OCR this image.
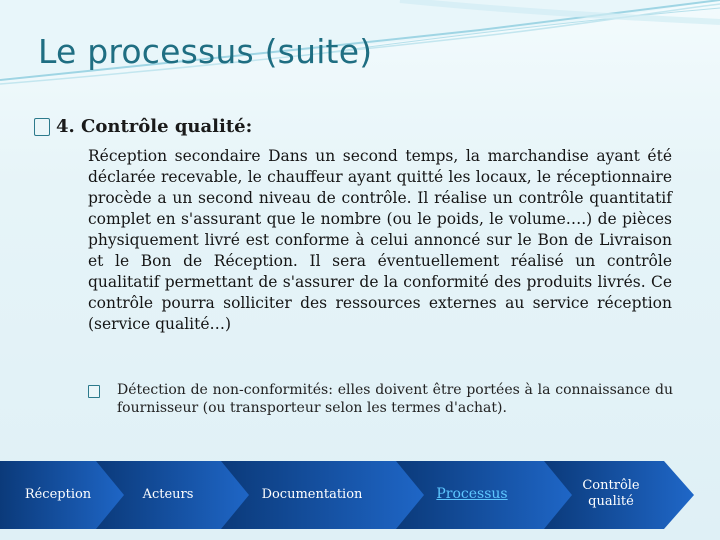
Le processus (suite)
4. Contrôle qualité:

Réception secondaire Dans un second temps, la marchandise ayant été déclarée recevable, le chauffeur ayant quitté les locaux, le réceptionnaire procède a un second niveau de contrôle. Il réalise un contrôle quantitatif complet en s'assurant que le nombre (ou le poids, le volume….) de pièces physiquement livré est conforme à celui annoncé sur le Bon de Livraison et le Bon de Réception. Il sera éventuellement réalisé un contrôle qualitatif permettant de s'assurer de la conformité des produits livrés. Ce contrôle pourra solliciter des ressources externes au service réception (service qualité…)

Détection de non-conformités: elles doivent être portées à la connaissance du fournisseur (ou transporteur selon les termes d'achat).

Réception	Acteurs	Documentation	Processus
Contrôle qualité
